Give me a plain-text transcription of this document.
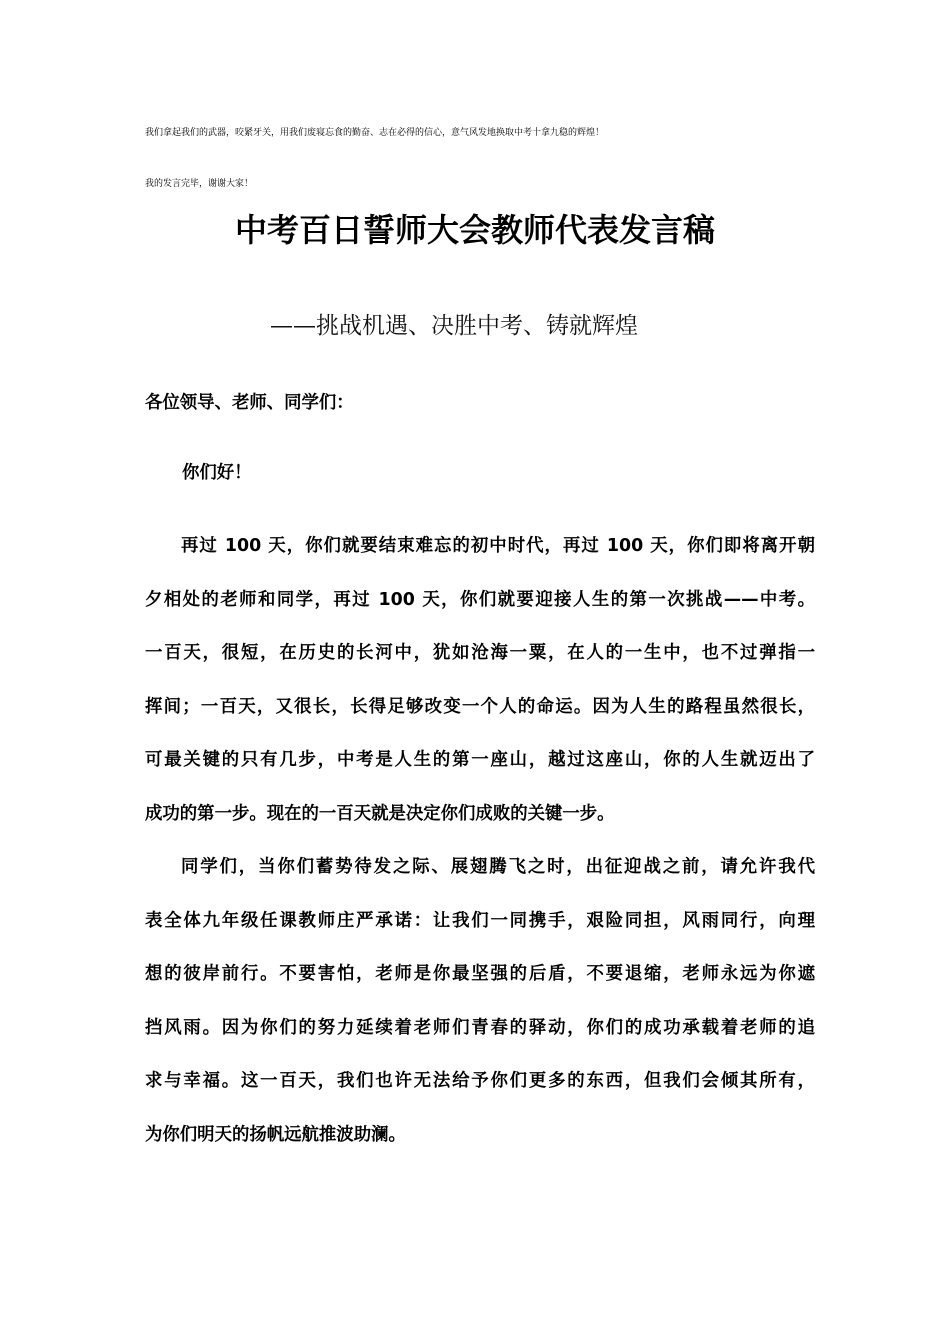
我们拿起我们的武器，咬紧牙关，用我们废寝忘食的勤奋、志在必得的信心，意气风发地换取中考十拿九稳的辉煌！
我的发言完毕，谢谢大家！
中考百日誓师大会教师代表发言稿
——挑战机遇、决胜中考、铸就辉煌
各位领导、老师、同学们：
你们好！
再过 100 天，你们就要结束难忘的初中时代，再过 100 天，你们即将离开朝
夕相处的老师和同学，再过 100 天，你们就要迎接人生的第一次挑战——中考。
一百天，很短，在历史的长河中，犹如沧海一粟，在人的一生中，也不过弹指一
挥间；一百天，又很长，长得足够改变一个人的命运。因为人生的路程虽然很长，
可最关键的只有几步，中考是人生的第一座山，越过这座山，你的人生就迈出了
成功的第一步。现在的一百天就是决定你们成败的关键一步。
同学们，当你们蓄势待发之际、展翅腾飞之时，出征迎战之前，请允许我代
表全体九年级任课教师庄严承诺：让我们一同携手，艰险同担，风雨同行，向理
想的彼岸前行。不要害怕，老师是你最坚强的后盾，不要退缩，老师永远为你遮
挡风雨。因为你们的努力延续着老师们青春的驿动，你们的成功承载着老师的追
求与幸福。这一百天，我们也许无法给予你们更多的东西，但我们会倾其所有，
为你们明天的扬帆远航推波助澜。
